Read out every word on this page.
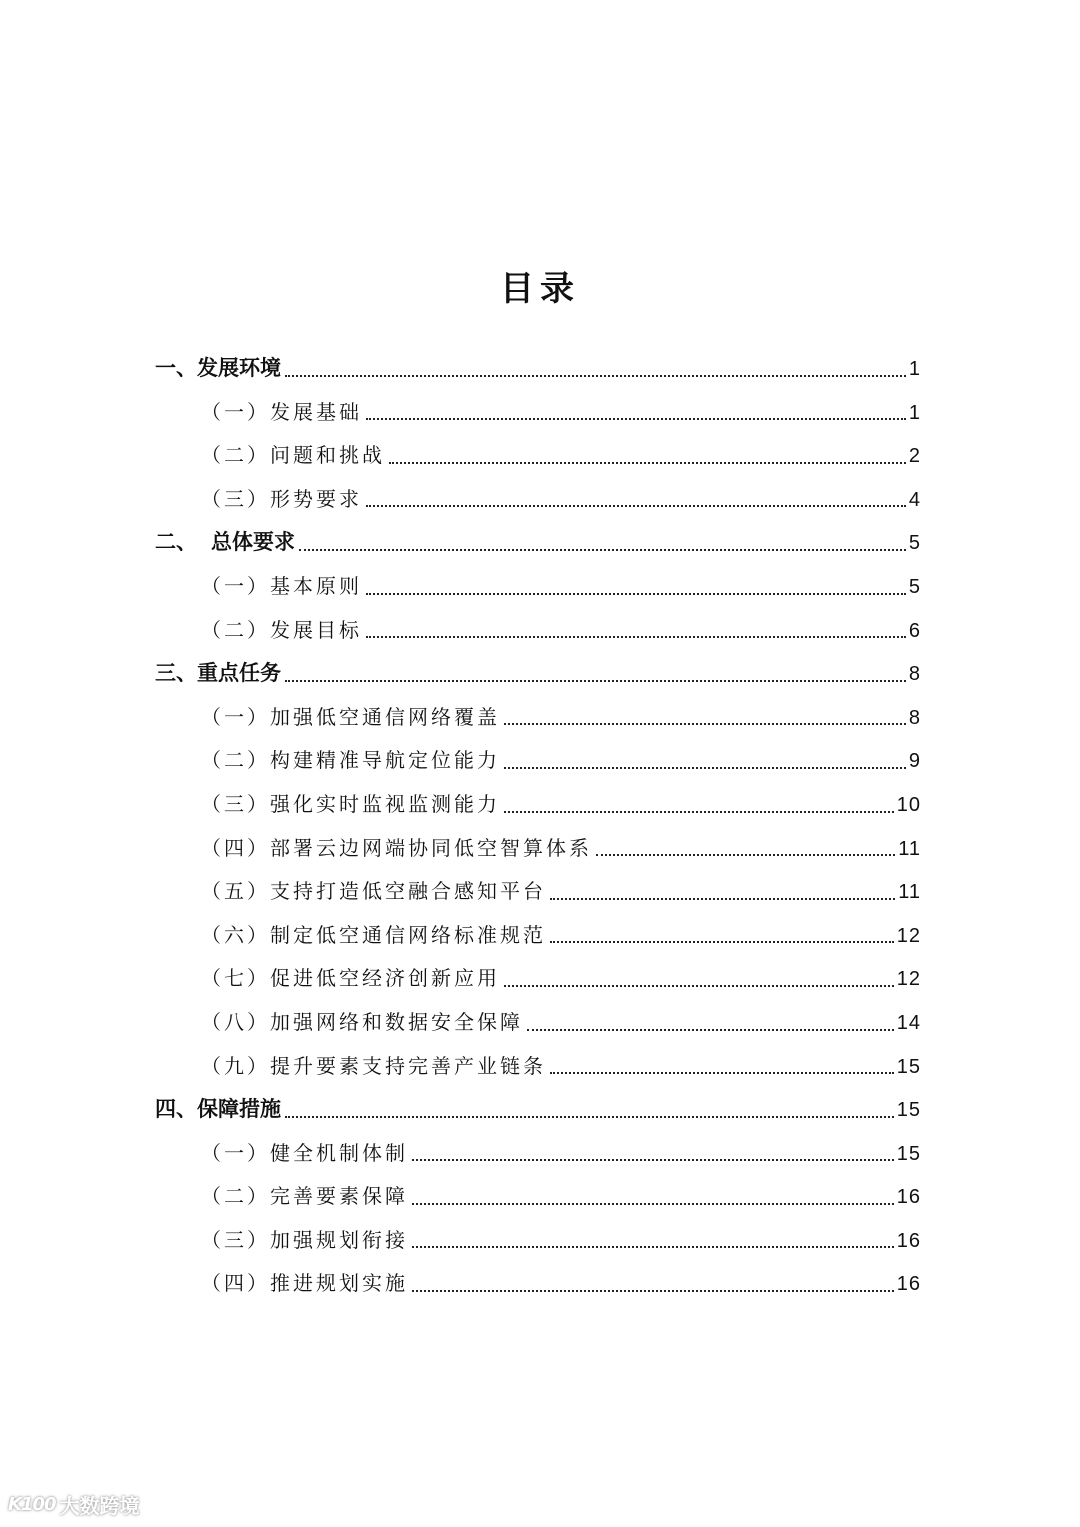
目录
一、 发展环境	1
（一） 发展基础	1
（二） 问题和挑战	2
（三） 形势要求	4
二、 总体要求	5
（一） 基本原则	5
（二） 发展目标	6
三、 重点任务	8
（一） 加强低空通信网络覆盖	8
（二） 构建精准导航定位能力	9
（三） 强化实时监视监测能力	10
（四） 部署云边网端协同低空智算体系	11
（五） 支持打造低空融合感知平台	11
（六） 制定低空通信网络标准规范	12
（七） 促进低空经济创新应用	12
（八） 加强网络和数据安全保障	14
（九） 提升要素支持完善产业链条	15
四、 保障措施	15
（一） 健全机制体制	15
（二） 完善要素保障	16
（三） 加强规划衔接	16
（四） 推进规划实施	16
K100 大数跨境
